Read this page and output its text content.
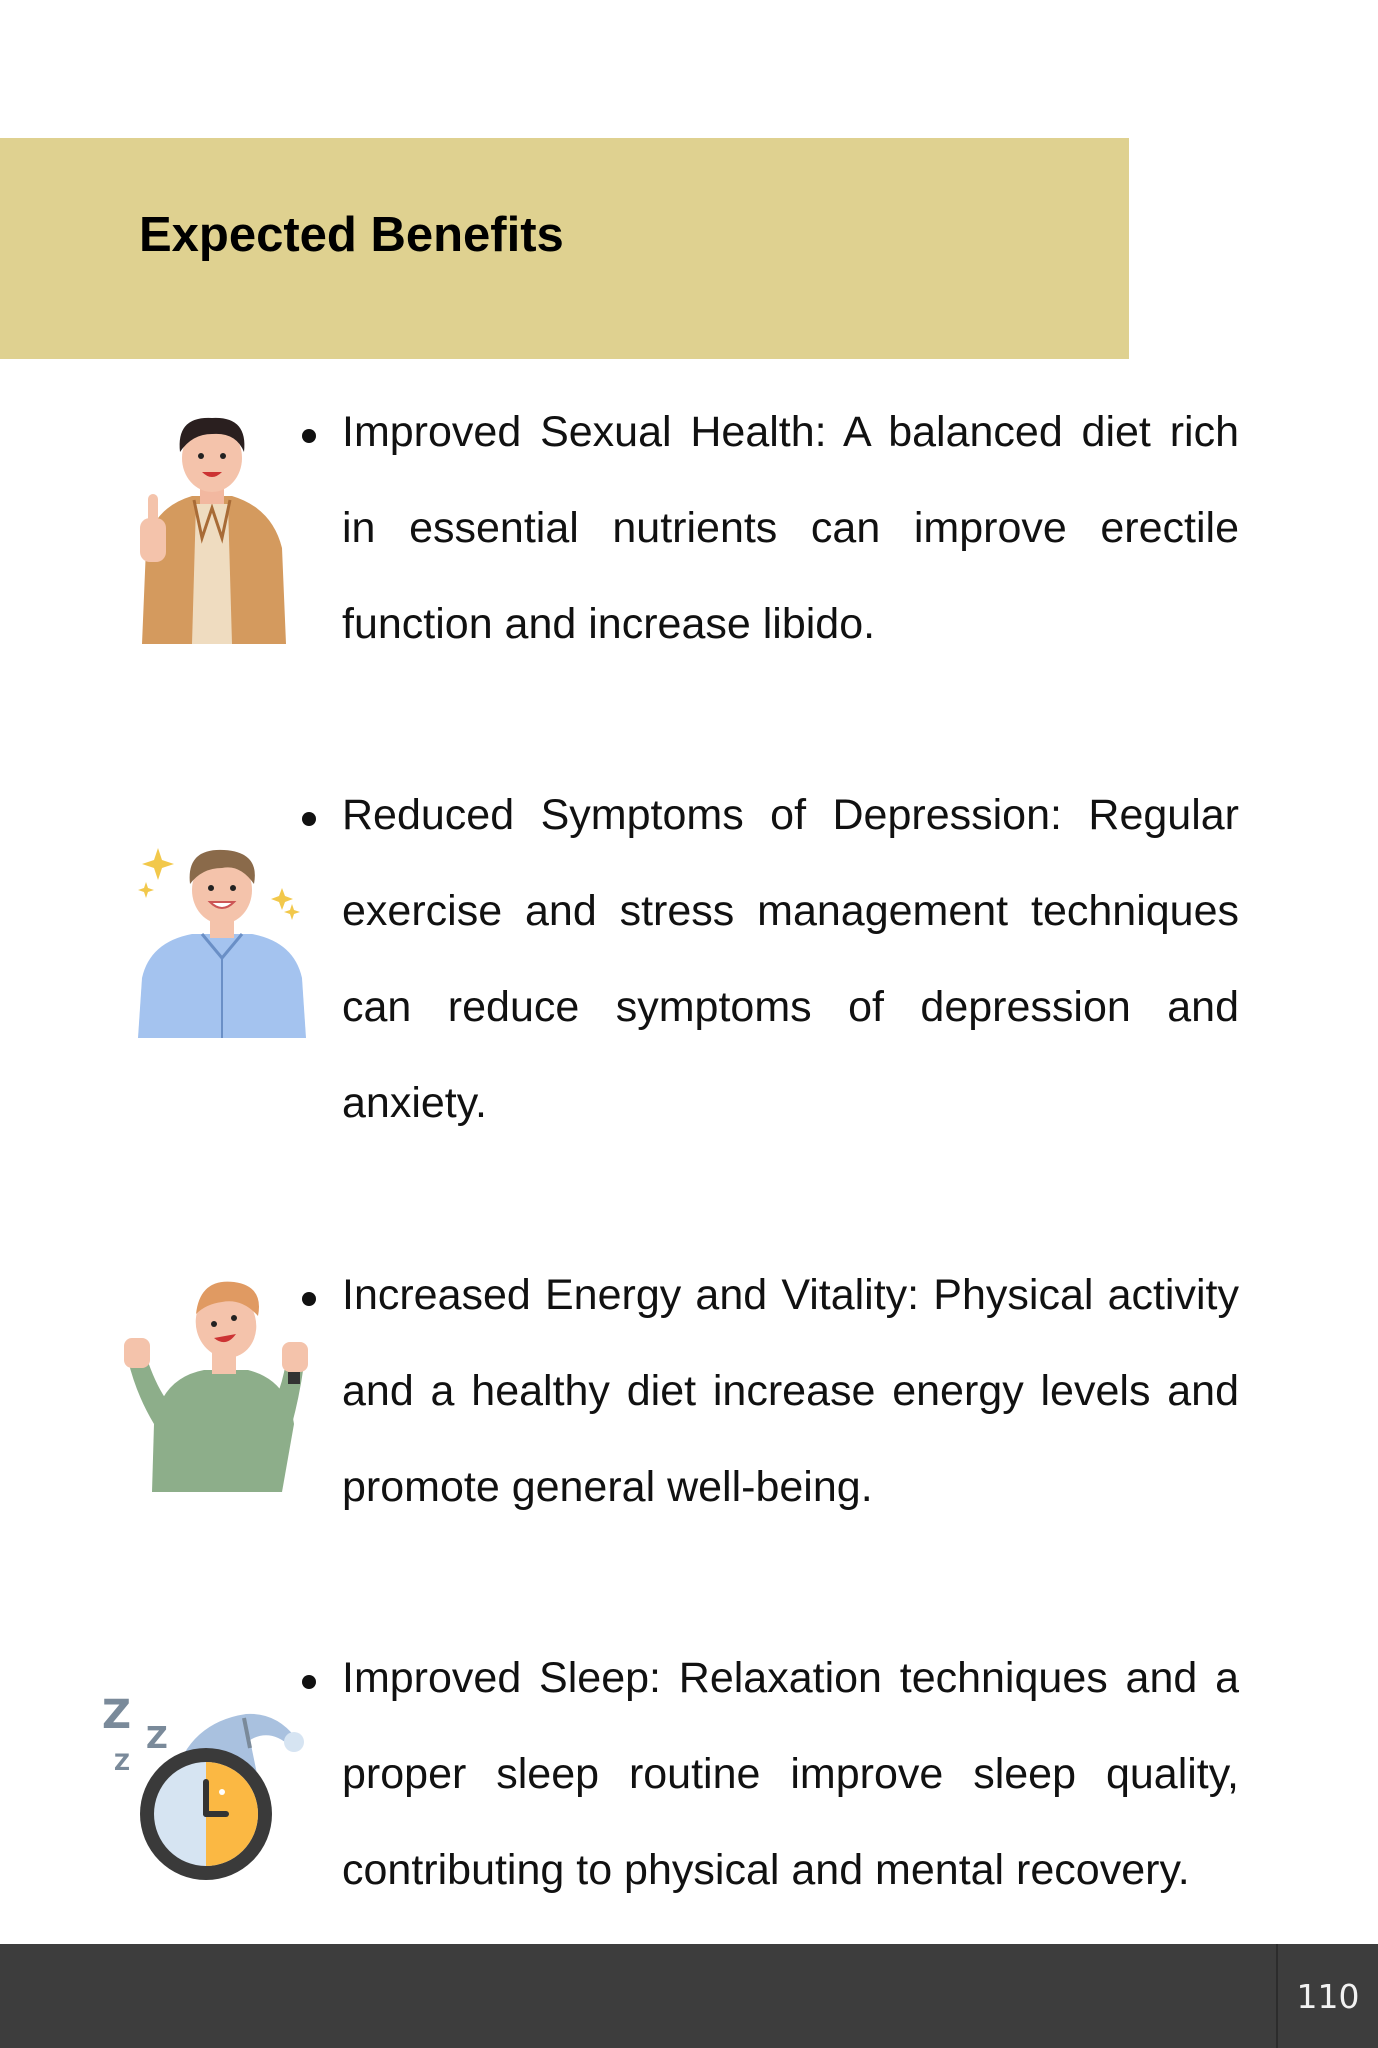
Expected Benefits
Improved Sexual Health: A balanced diet rich in essential nutrients can improve erectile function and increase libido.
Reduced Symptoms of Depression: Regular exercise and stress management techniques can reduce symptoms of depression and anxiety.
Increased Energy and Vitality: Physical activity and a healthy diet increase energy levels and promote general well-being.
Z
Z
Z
Improved Sleep: Relaxation techniques and a proper sleep routine improve sleep quality, contributing to physical and mental recovery.
110
